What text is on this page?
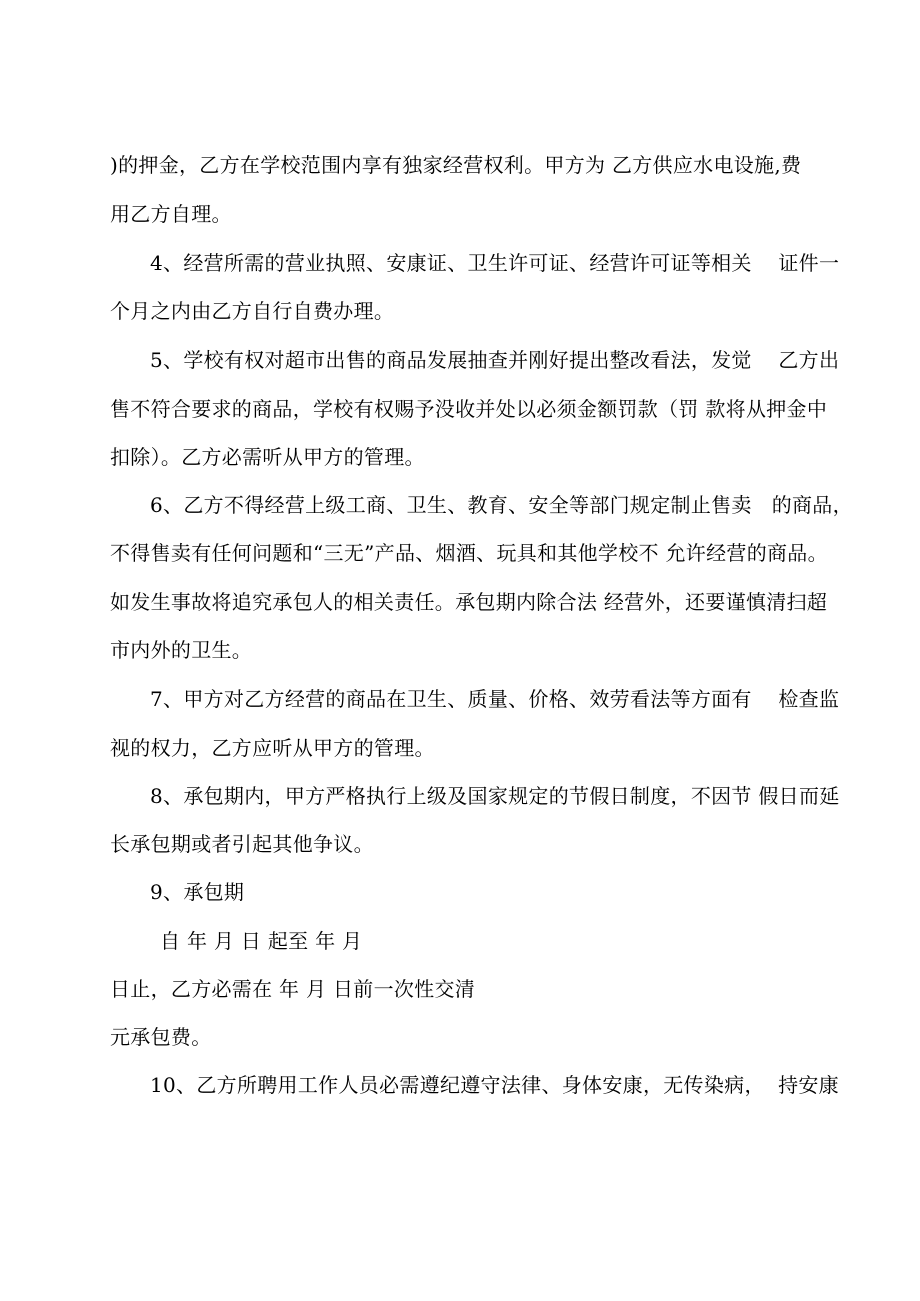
)的押金，乙方在学校范围内享有独家经营权利。甲方为 乙方供应水电设施,费
用乙方自理。
4、经营所需的营业执照、安康证、卫生许可证、经营许可证等相关    证件一
个月之内由乙方自行自费办理。
5、学校有权对超市出售的商品发展抽查并刚好提出整改看法，发觉    乙方出
售不符合要求的商品，学校有权赐予没收并处以必须金额罚款（罚 款将从押金中
扣除）。乙方必需听从甲方的管理。
6、乙方不得经营上级工商、卫生、教育、安全等部门规定制止售卖   的商品，
不得售卖有任何问题和“三无”产品、烟酒、玩具和其他学校不 允许经营的商品。
如发生事故将追究承包人的相关责任。承包期内除合法 经营外，还要谨慎清扫超
市内外的卫生。
7、甲方对乙方经营的商品在卫生、质量、价格、效劳看法等方面有    检查监
视的权力，乙方应听从甲方的管理。
8、承包期内，甲方严格执行上级及国家规定的节假日制度，不因节 假日而延
长承包期或者引起其他争议。
9、承包期
自 年 月 日 起至 年 月
日止，乙方必需在 年 月 日前一次性交清
元承包费。
10、乙方所聘用工作人员必需遵纪遵守法律、身体安康，无传染病，  持安康
